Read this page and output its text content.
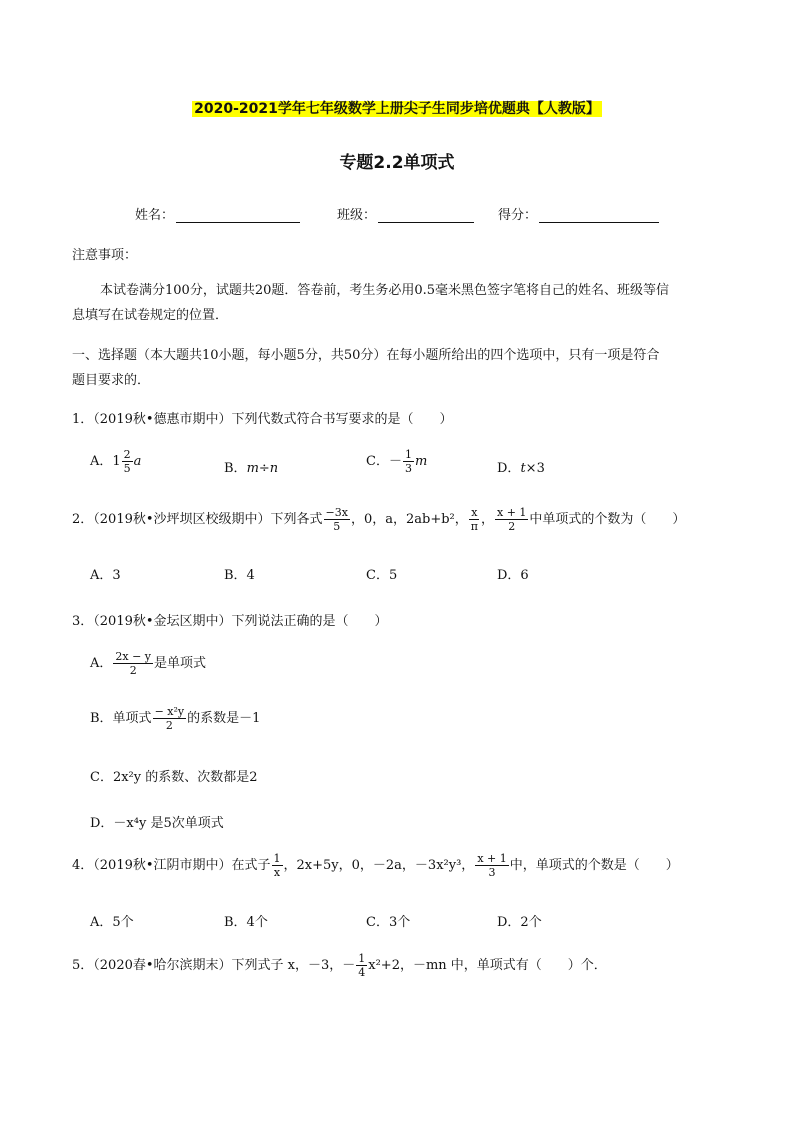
2020-2021学年七年级数学上册尖子生同步培优题典【人教版】
专题2.2单项式
姓名：	班级：	得分：
注意事项：
本试卷满分100分，试题共20题．答卷前，考生务必用0.5毫米黑色签字笔将自己的姓名、班级等信
息填写在试卷规定的位置．
一、选择题（本大题共10小题，每小题5分，共50分）在每小题所给出的四个选项中，只有一项是符合
题目要求的．
1．（2019秋•德惠市期中）下列代数式符合书写要求的是（　　）
A．$1 \frac{2}{5}$ a	B．m÷n	C．－ $\frac{1}{3}$ m	D．t×3
2．（2019秋•沙坪坝区校级期中）下列各式 $\frac{-3x}{5}$ ，0，a，2ab+b²， $\frac{x}{\pi}$ ， $\frac{x + 1}{2}$ 中单项式的个数为（　　）
A．3	B．4	C．5	D．6
3．（2019秋•金坛区期中）下列说法正确的是（　　）
A． $\frac{2x - y}{2}$ 是单项式
B．单项式 $\frac{\text{− x²y}}{2}$ 的系数是－1
C．2x²y 的系数、次数都是2
D．－x⁴y 是5次单项式
4．（2019秋•江阴市期中）在式子 $\frac{1}{x}$ ，2x+5y，0，－2a，－3x²y³， $\frac{x + 1}{3}$ 中，单项式的个数是（　　）
A．5个	B．4个	C．3个	D．2个
5．（2020春•哈尔滨期末）下列式子 x，－3，－ $\frac{1}{4} x^2+2$，－mn 中，单项式有（　　）个．
